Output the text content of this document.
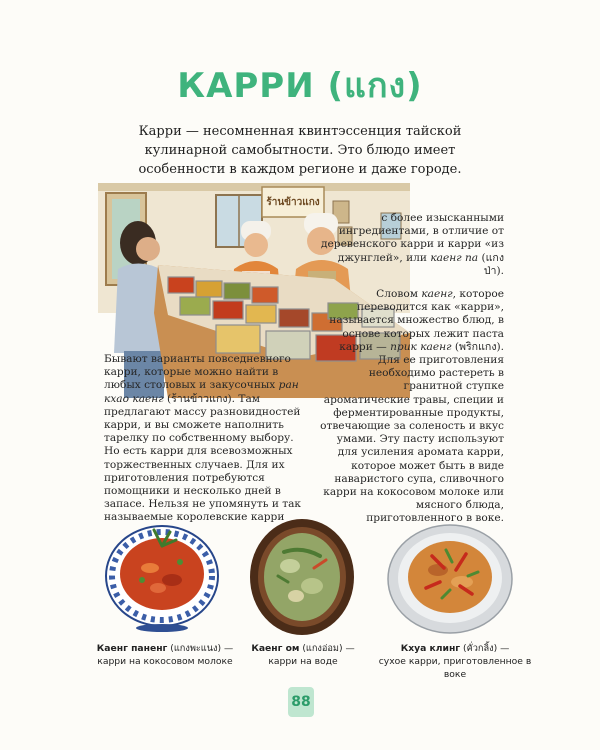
КАРРИ (แกง)

Карри — несомненная квинтэссенция тайской кулинарной самобытности. Это блюдо имеет особенности в каждом регионе и даже городе.

ร้านข้าวแกง

Бывают варианты повседневного карри, которые можно найти в любых столовых и закусочных ран кхао каенг (ร้านข้าวแกง). Там предлагают массу разновидностей карри, и вы сможете наполнить тарелку по собственному выбору. Но есть карри для всевозможных торжественных случаев. Для их приготовления потребуются помощники и несколько дней в запасе. Нельзя не упомянуть и так называемые королевские карри

с более изысканными ингредиентами, в отличие от деревенского карри и карри «из джунглей», или каенг па (แกงป่า).

Словом каенг, которое переводится как «карри», называется множество блюд, в основе которых лежит паста карри — прик каенг (พริกแกง). Для ее приготовления необходимо растереть в гранитной ступке ароматические травы, специи и ферментированные продукты, отвечающие за соленость и вкус умами. Эту пасту используют для усиления аромата карри, которое может быть в виде наваристого супа, сливочного карри на кокосовом молоке или мясного блюда, приготовленного в воке.

Каенг паненг (แกงพะแนง) —
карри на кокосовом молоке
Каенг ом (แกงอ่อม) —
карри на воде
Кхуа клинг (คั่วกลิ้ง) —
сухое карри, приготовленное в воке
88
